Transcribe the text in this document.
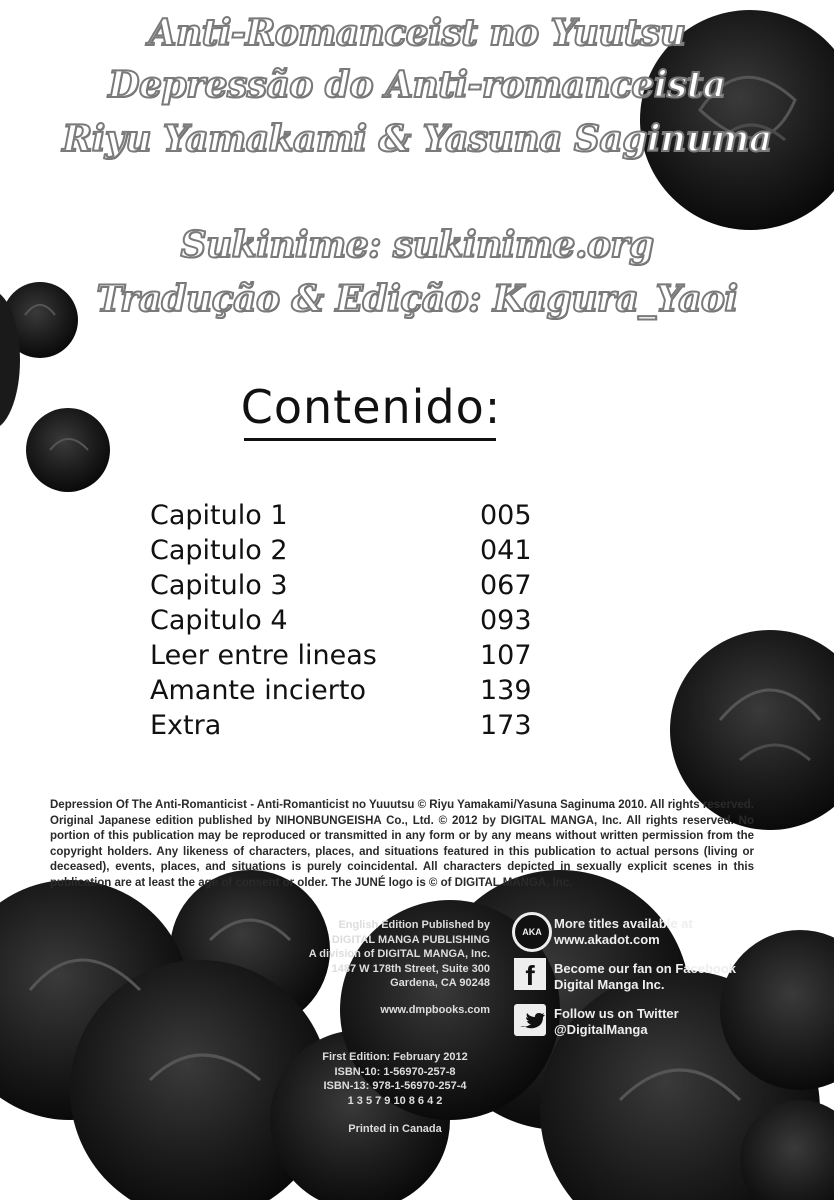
Anti-Romanceist no Yuutsu
Depressão do Anti-romanceista
Riyu Yamakami & Yasuna Saginuma
Sukinime: sukinime.org
Tradução & Edição: Kagura_Yaoi
Contenido:
Capitulo 1	005
Capitulo 2	041
Capitulo 3	067
Capitulo 4	093
Leer entre lineas	107
Amante incierto	139
Extra	173
Depression Of The Anti-Romanticist - Anti-Romanticist no Yuuutsu © Riyu Yamakami/Yasuna Saginuma 2010. All rights reserved. Original Japanese edition published by NIHONBUNGEISHA Co., Ltd. © 2012 by DIGITAL MANGA, Inc. All rights reserved. No portion of this publication may be reproduced or transmitted in any form or by any means without written permission from the copyright holders. Any likeness of characters, places, and situations featured in this publication to actual persons (living or deceased), events, places, and situations is purely coincidental. All characters depicted in sexually explicit scenes in this publication are at least the age of consent or older. The JUNÉ logo is © of DIGITAL MANGA, Inc.
English Edition Published by
DIGITAL MANGA PUBLISHING
A division of DIGITAL MANGA, Inc.
1487 W 178th Street, Suite 300
Gardena, CA 90248
www.dmpbooks.com
First Edition: February 2012
ISBN-10: 1-56970-257-8
ISBN-13: 978-1-56970-257-4
1 3 5 7 9 10 8 6 4 2
Printed in Canada
AKA
More titles available at
www.akadot.com
f	Become our fan on Facebook
Digital Manga Inc.
Follow us on Twitter
@DigitalManga
